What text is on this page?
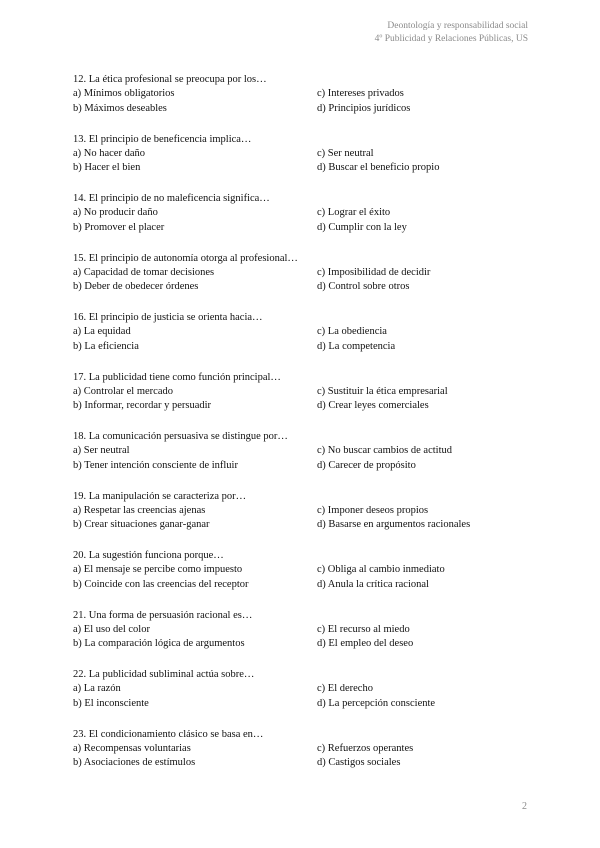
Deontología y responsabilidad social
4º Publicidad y Relaciones Públicas, US
12. La ética profesional se preocupa por los…
a) Mínimos obligatorios	c) Intereses privados
b) Máximos deseables	d) Principios jurídicos
13. El principio de beneficencia implica…
a) No hacer daño	c) Ser neutral
b) Hacer el bien	d) Buscar el beneficio propio
14. El principio de no maleficencia significa…
a) No producir daño	c) Lograr el éxito
b) Promover el placer	d) Cumplir con la ley
15. El principio de autonomía otorga al profesional…
a) Capacidad de tomar decisiones	c) Imposibilidad de decidir
b) Deber de obedecer órdenes	d) Control sobre otros
16. El principio de justicia se orienta hacia…
a) La equidad	c) La obediencia
b) La eficiencia	d) La competencia
17. La publicidad tiene como función principal…
a) Controlar el mercado	c) Sustituir la ética empresarial
b) Informar, recordar y persuadir	d) Crear leyes comerciales
18. La comunicación persuasiva se distingue por…
a) Ser neutral	c) No buscar cambios de actitud
b) Tener intención consciente de influir	d) Carecer de propósito
19. La manipulación se caracteriza por…
a) Respetar las creencias ajenas	c) Imponer deseos propios
b) Crear situaciones ganar-ganar	d) Basarse en argumentos racionales
20. La sugestión funciona porque…
a) El mensaje se percibe como impuesto	c) Obliga al cambio inmediato
b) Coincide con las creencias del receptor	d) Anula la crítica racional
21. Una forma de persuasión racional es…
a) El uso del color	c) El recurso al miedo
b) La comparación lógica de argumentos	d) El empleo del deseo
22. La publicidad subliminal actúa sobre…
a) La razón	c) El derecho
b) El inconsciente	d) La percepción consciente
23. El condicionamiento clásico se basa en…
a) Recompensas voluntarias	c) Refuerzos operantes
b) Asociaciones de estímulos	d) Castigos sociales
2
